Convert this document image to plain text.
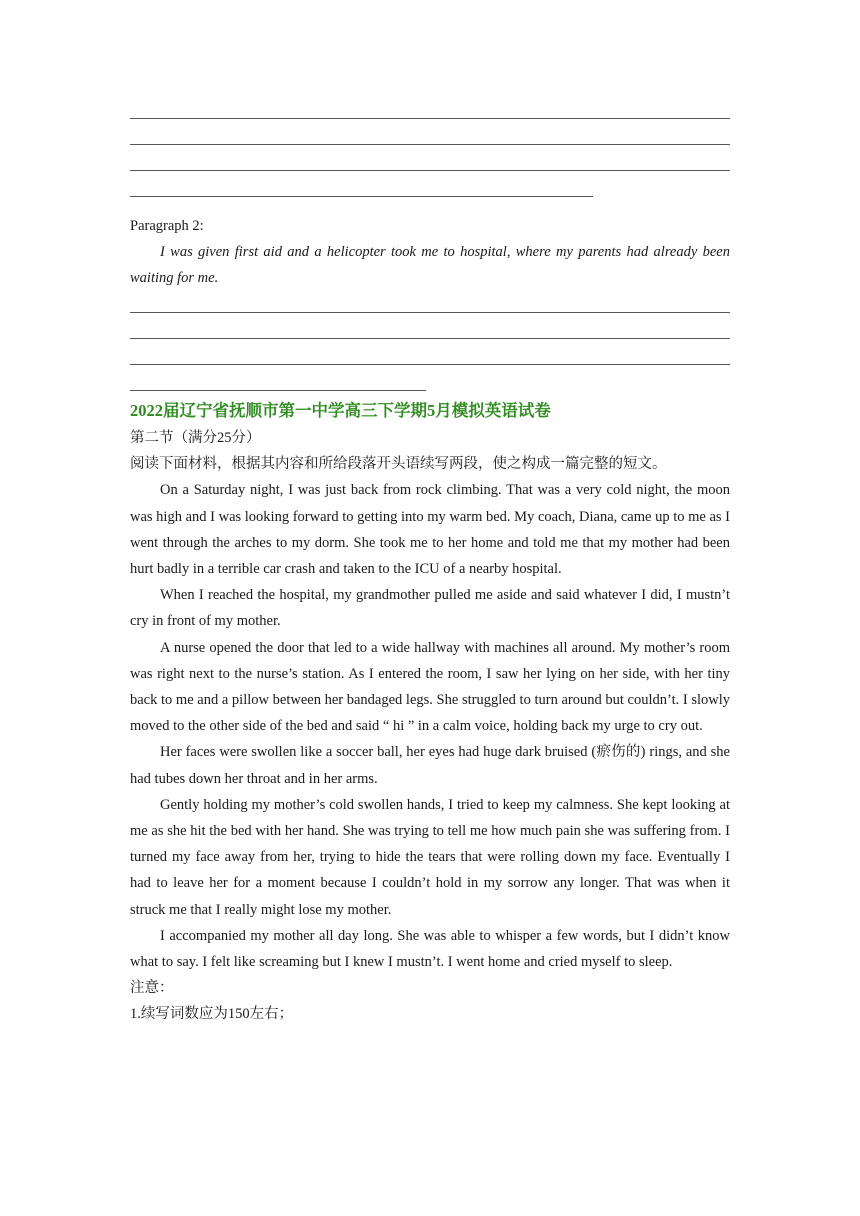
Paragraph 2:
I was given first aid and a helicopter took me to hospital, where my parents had already been waiting for me.
2022届辽宁省抚顺市第一中学高三下学期5月模拟英语试卷
第二节（满分25分）
阅读下面材料，根据其内容和所给段落开头语续写两段，使之构成一篇完整的短文。
On a Saturday night, I was just back from rock climbing. That was a very cold night, the moon was high and I was looking forward to getting into my warm bed. My coach, Diana, came up to me as I went through the arches to my dorm. She took me to her home and told me that my mother had been hurt badly in a terrible car crash and taken to the ICU of a nearby hospital.
When I reached the hospital, my grandmother pulled me aside and said whatever I did, I mustn’t cry in front of my mother.
A nurse opened the door that led to a wide hallway with machines all around. My mother’s room was right next to the nurse’s station. As I entered the room, I saw her lying on her side, with her tiny back to me and a pillow between her bandaged legs. She struggled to turn around but couldn’t. I slowly moved to the other side of the bed and said “ hi ” in a calm voice, holding back my urge to cry out.
Her faces were swollen like a soccer ball, her eyes had huge dark bruised (瘀伤的) rings, and she had tubes down her throat and in her arms.
Gently holding my mother’s cold swollen hands, I tried to keep my calmness. She kept looking at me as she hit the bed with her hand. She was trying to tell me how much pain she was suffering from. I turned my face away from her, trying to hide the tears that were rolling down my face. Eventually I had to leave her for a moment because I couldn’t hold in my sorrow any longer. That was when it struck me that I really might lose my mother.
I accompanied my mother all day long. She was able to whisper a few words, but I didn’t know what to say. I felt like screaming but I knew I mustn’t. I went home and cried myself to sleep.
注意：
1.续写词数应为150左右；
